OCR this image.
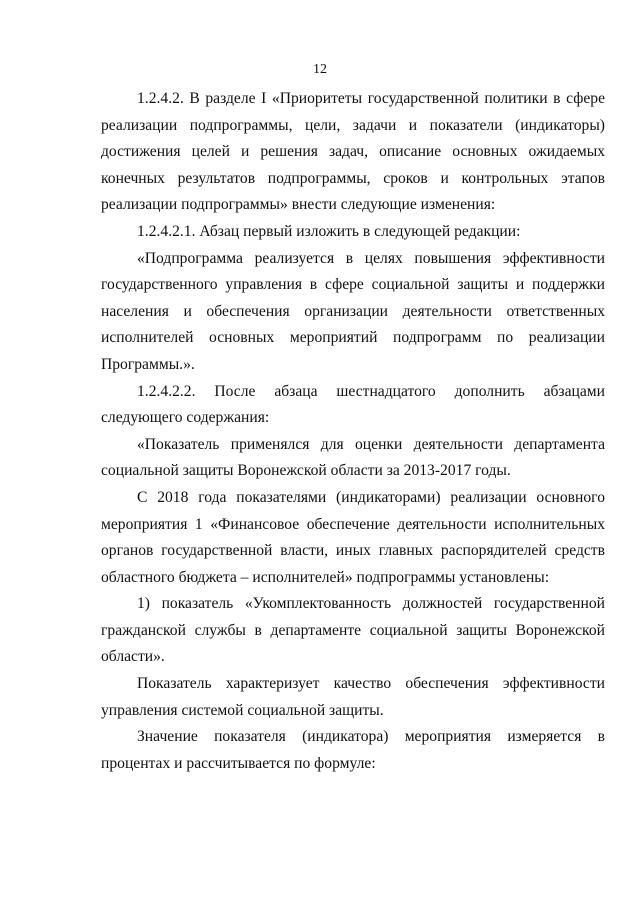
12

1.2.4.2. В разделе I «Приоритеты государственной политики в сфере реализации подпрограммы, цели, задачи и показатели (индикаторы) достижения целей и решения задач, описание основных ожидаемых конечных результатов подпрограммы, сроков и контрольных этапов реализации подпрограммы» внести следующие изменения:

1.2.4.2.1. Абзац первый изложить в следующей редакции:

«Подпрограмма реализуется в целях повышения эффективности государственного управления в сфере социальной защиты и поддержки населения и обеспечения организации деятельности ответственных исполнителей основных мероприятий подпрограмм по реализации Программы.».

1.2.4.2.2. После абзаца шестнадцатого дополнить абзацами следующего содержания:

«Показатель применялся для оценки деятельности департамента социальной защиты Воронежской области за 2013-2017 годы.

С 2018 года показателями (индикаторами) реализации основного мероприятия 1 «Финансовое обеспечение деятельности исполнительных органов государственной власти, иных главных распорядителей средств областного бюджета – исполнителей» подпрограммы установлены:

1) показатель «Укомплектованность должностей государственной гражданской службы в департаменте социальной защиты Воронежской области».

Показатель характеризует качество обеспечения эффективности управления системой социальной защиты.

Значение показателя (индикатора) мероприятия измеряется в процентах и рассчитывается по формуле:
